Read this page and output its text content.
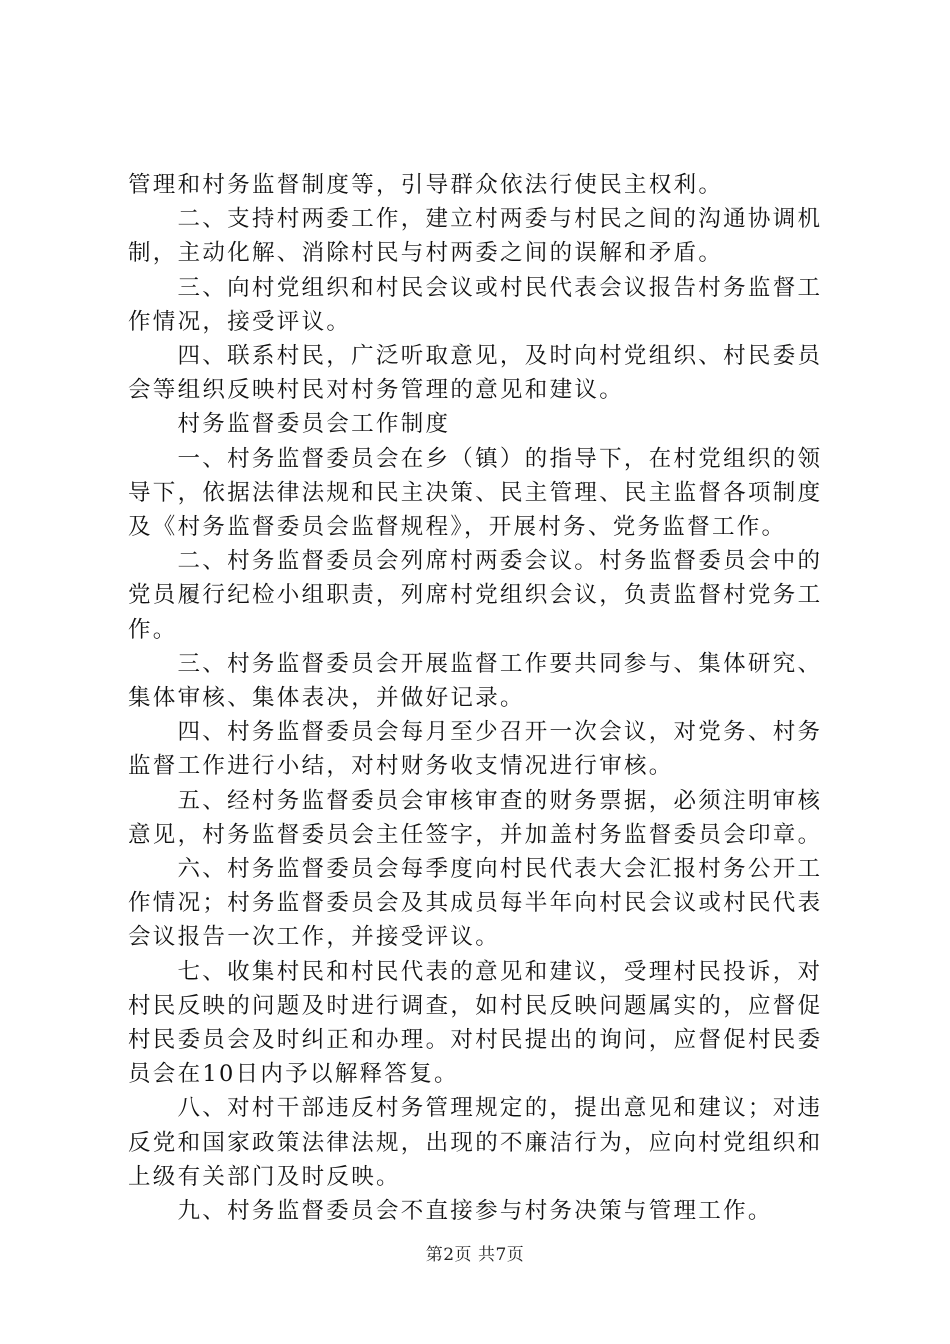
管理和村务监督制度等，引导群众依法行使民主权利。

二、支持村两委工作，建立村两委与村民之间的沟通协调机制，主动化解、消除村民与村两委之间的误解和矛盾。

三、向村党组织和村民会议或村民代表会议报告村务监督工作情况，接受评议。

四、联系村民，广泛听取意见，及时向村党组织、村民委员会等组织反映村民对村务管理的意见和建议。

村务监督委员会工作制度

一、村务监督委员会在乡（镇）的指导下，在村党组织的领导下，依据法律法规和民主决策、民主管理、民主监督各项制度及《村务监督委员会监督规程》，开展村务、党务监督工作。

二、村务监督委员会列席村两委会议。村务监督委员会中的党员履行纪检小组职责，列席村党组织会议，负责监督村党务工作。

三、村务监督委员会开展监督工作要共同参与、集体研究、集体审核、集体表决，并做好记录。

四、村务监督委员会每月至少召开一次会议，对党务、村务监督工作进行小结，对村财务收支情况进行审核。

五、经村务监督委员会审核审查的财务票据，必须注明审核意见，村务监督委员会主任签字，并加盖村务监督委员会印章。

六、村务监督委员会每季度向村民代表大会汇报村务公开工作情况；村务监督委员会及其成员每半年向村民会议或村民代表会议报告一次工作，并接受评议。

七、收集村民和村民代表的意见和建议，受理村民投诉，对村民反映的问题及时进行调查，如村民反映问题属实的，应督促村民委员会及时纠正和办理。对村民提出的询问，应督促村民委员会在10日内予以解释答复。

八、对村干部违反村务管理规定的，提出意见和建议；对违反党和国家政策法律法规，出现的不廉洁行为，应向村党组织和上级有关部门及时反映。

九、村务监督委员会不直接参与村务决策与管理工作。

第2页 共7页
